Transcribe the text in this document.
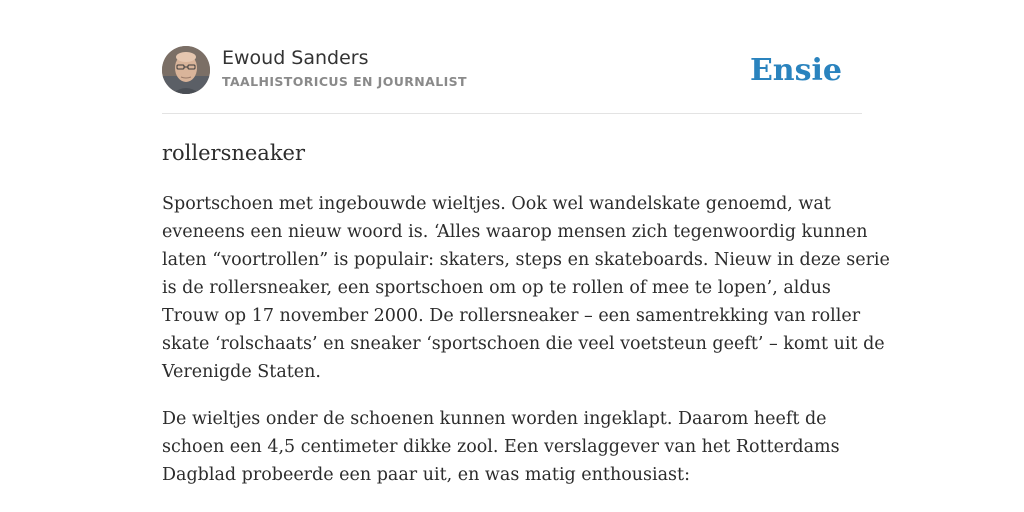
Ewoud Sanders
TAALHISTORICUS EN JOURNALIST	Ensie
rollersneaker

Sportschoen met ingebouwde wieltjes. Ook wel wandelskate genoemd, wat
eveneens een nieuw woord is. ‘Alles waarop mensen zich tegenwoordig kunnen
laten “voortrollen” is populair: skaters, steps en skateboards. Nieuw in deze serie
is de rollersneaker, een sportschoen om op te rollen of mee te lopen’, aldus
Trouw op 17 november 2000. De rollersneaker – een samentrekking van roller
skate ‘rolschaats’ en sneaker ‘sportschoen die veel voetsteun geeft’ – komt uit de
Verenigde Staten.

De wieltjes onder de schoenen kunnen worden ingeklapt. Daarom heeft de
schoen een 4,5 centimeter dikke zool. Een verslaggever van het Rotterdams
Dagblad probeerde een paar uit, en was matig enthousiast:
